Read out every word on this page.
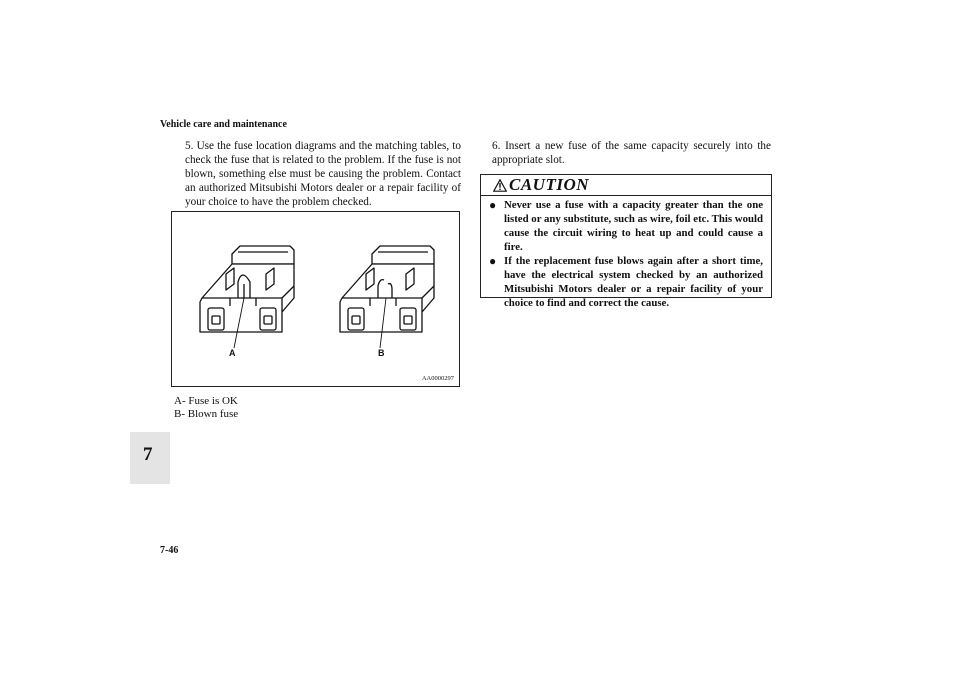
Vehicle care and maintenance
5. Use the fuse location diagrams and the matching tables, to check the fuse that is related to the problem. If the fuse is not blown, something else must be causing the problem. Contact an authorized Mitsubishi Motors dealer or a repair facility of your choice to have the problem checked.
A	B
AA0000297
A- Fuse is OK
B- Blown fuse
6. Insert a new fuse of the same capacity securely into the appropriate slot.
CAUTION
● Never use a fuse with a capacity greater than the one listed or any substitute, such as wire, foil etc. This would cause the circuit wiring to heat up and could cause a fire.
● If the replacement fuse blows again after a short time, have the electrical system checked by an authorized Mitsubishi Motors dealer or a repair facility of your choice to find and correct the cause.
7
7-46
